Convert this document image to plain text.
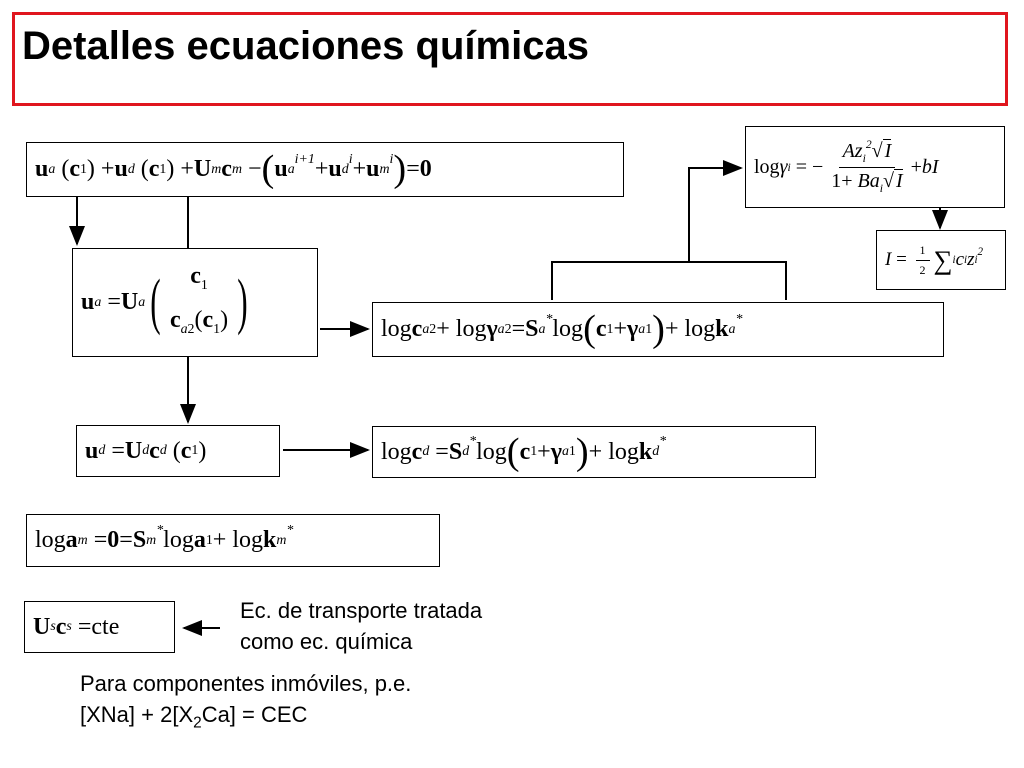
Detalles ecuaciones químicas
u a ( c 1 ) + u d ( c 1 ) + U m c m − ( u a
i+1 + u d
i + u m
i ) = 0
u a = U a ( $c_1$
$c_{a2}(c_1)$ )	log c a 2 + log γ a 2 = S a
* log ( c 1 + γ a 1 ) + log k a
*
log γ i = − $\frac{Az_i^2√ I}{1+ Ba_i√ I}$ + bI
$I = \frac{1}{2}$ ∑ i c i z i
2
u d = U d c d ( c 1 )	log c d = S d
* log ( c 1 + γ a 1 ) + log k d
*
log a m = 0 = S m
* log a 1 + log k m
*
U s c s = cte
Ec. de transporte tratada
como ec. química
Para componentes inmóviles, p.e.
$[XNa] + 2[X_2Ca]$ = CEC
